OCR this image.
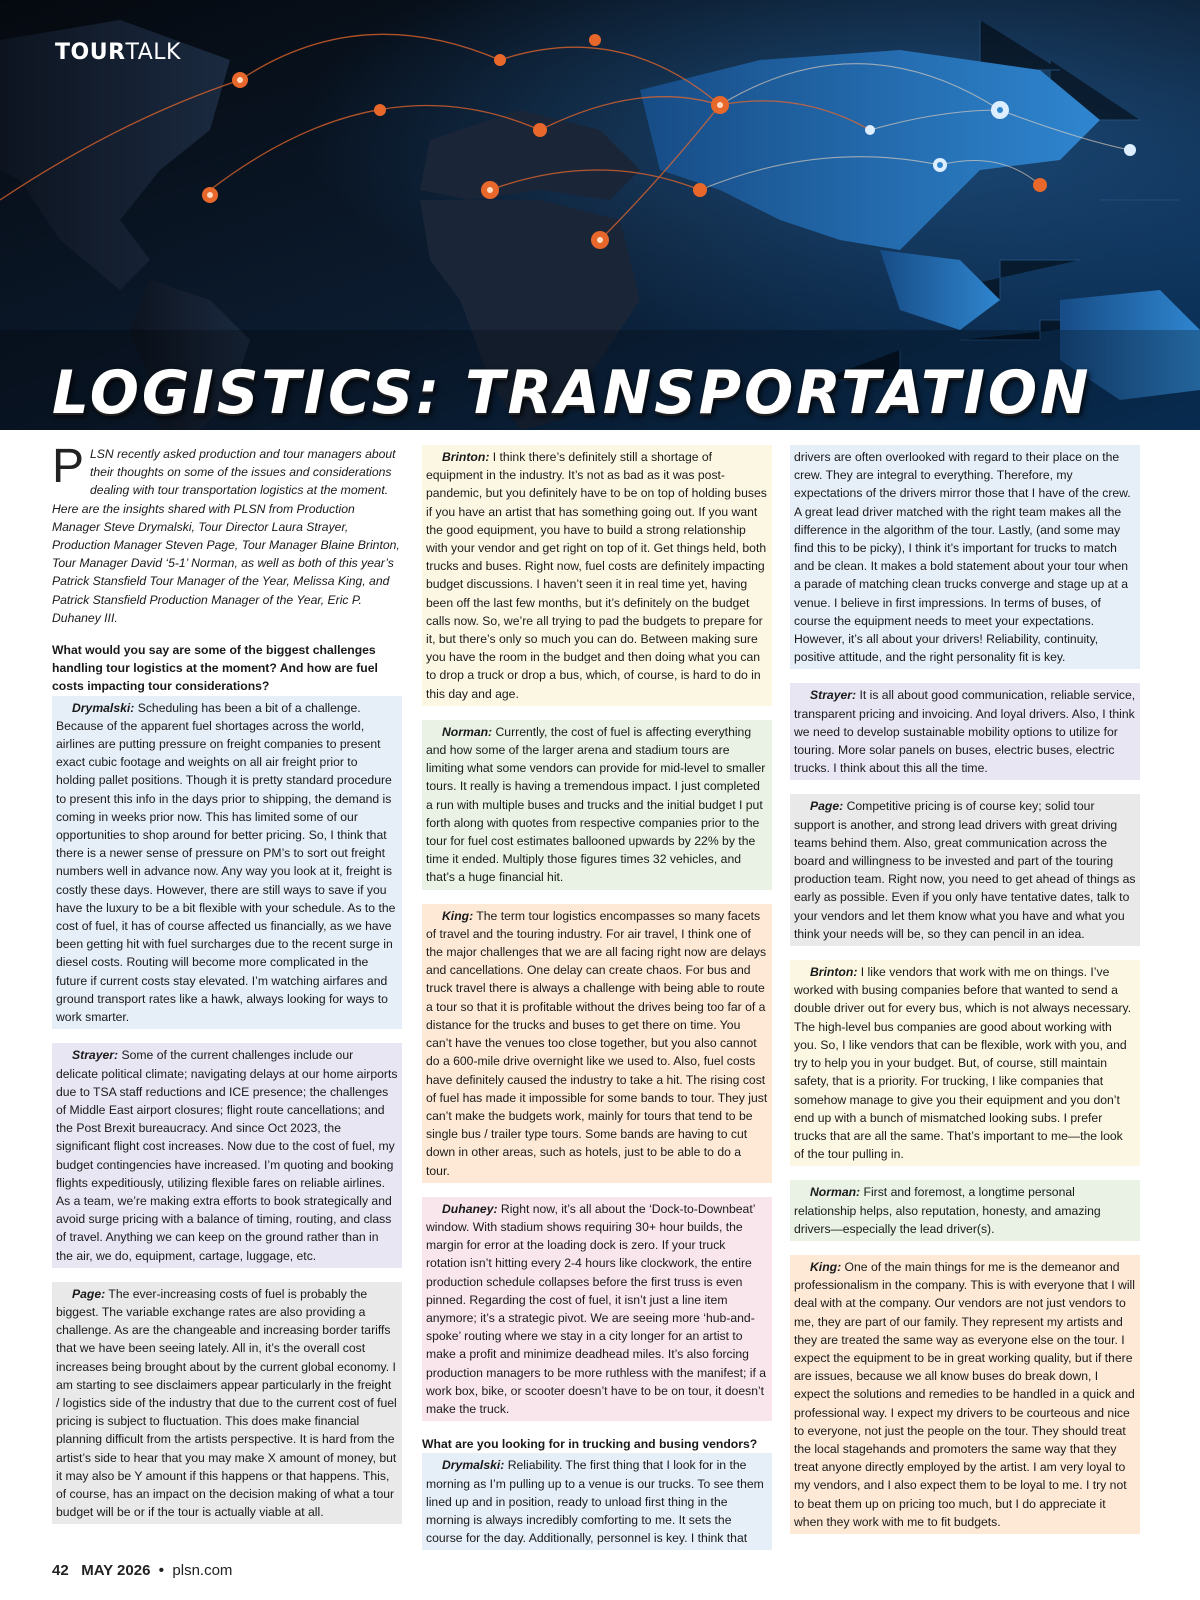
TOURTALK
LOGISTICS: TRANSPORTATION

PLSN recently asked production and tour managers about their thoughts on some of the issues and considerations dealing with tour transportation logistics at the moment. Here are the insights shared with PLSN from Production Manager Steve Drymalski, Tour Director Laura Strayer, Production Manager Steven Page, Tour Manager Blaine Brinton, Tour Manager David ‘5-1’ Norman, as well as both of this year’s Patrick Stansfield Tour Manager of the Year, Melissa King, and Patrick Stansfield Production Manager of the Year, Eric P. Duhaney III.

What would you say are some of the biggest challenges handling tour logistics at the moment? And how are fuel costs impacting tour considerations?

Drymalski: Scheduling has been a bit of a challenge. Because of the apparent fuel shortages across the world, airlines are putting pressure on freight companies to present exact cubic footage and weights on all air freight prior to holding pallet positions. Though it is pretty standard procedure to present this info in the days prior to shipping, the demand is coming in weeks prior now. This has limited some of our opportunities to shop around for better pricing. So, I think that there is a newer sense of pressure on PM’s to sort out freight numbers well in advance now. Any way you look at it, freight is costly these days. However, there are still ways to save if you have the luxury to be a bit flexible with your schedule. As to the cost of fuel, it has of course affected us financially, as we have been getting hit with fuel surcharges due to the recent surge in diesel costs. Routing will become more complicated in the future if current costs stay elevated. I’m watching airfares and ground transport rates like a hawk, always looking for ways to work smarter.

Strayer: Some of the current challenges include our delicate political climate; navigating delays at our home airports due to TSA staff reductions and ICE presence; the challenges of Middle East airport closures; flight route cancellations; and the Post Brexit bureaucracy. And since Oct 2023, the significant flight cost increases. Now due to the cost of fuel, my budget contingencies have increased. I’m quoting and booking flights expeditiously, utilizing flexible fares on reliable airlines. As a team, we’re making extra efforts to book strategically and avoid surge pricing with a balance of timing, routing, and class of travel. Anything we can keep on the ground rather than in the air, we do, equipment, cartage, luggage, etc.

Page: The ever-increasing costs of fuel is probably the biggest. The variable exchange rates are also providing a challenge. As are the changeable and increasing border tariffs that we have been seeing lately. All in, it’s the overall cost increases being brought about by the current global economy. I am starting to see disclaimers appear particularly in the freight / logistics side of the industry that due to the current cost of fuel pricing is subject to fluctuation. This does make financial planning difficult from the artists perspective. It is hard from the artist’s side to hear that you may make X amount of money, but it may also be Y amount if this happens or that happens. This, of course, has an impact on the decision making of what a tour budget will be or if the tour is actually viable at all.

Brinton: I think there’s definitely still a shortage of equipment in the industry. It’s not as bad as it was post-pandemic, but you definitely have to be on top of holding buses if you have an artist that has something going out. If you want the good equipment, you have to build a strong relationship with your vendor and get right on top of it. Get things held, both trucks and buses. Right now, fuel costs are definitely impacting budget discussions. I haven’t seen it in real time yet, having been off the last few months, but it’s definitely on the budget calls now. So, we’re all trying to pad the budgets to prepare for it, but there’s only so much you can do. Between making sure you have the room in the budget and then doing what you can to drop a truck or drop a bus, which, of course, is hard to do in this day and age.

Norman: Currently, the cost of fuel is affecting everything and how some of the larger arena and stadium tours are limiting what some vendors can provide for mid-level to smaller tours. It really is having a tremendous impact. I just completed a run with multiple buses and trucks and the initial budget I put forth along with quotes from respective companies prior to the tour for fuel cost estimates ballooned upwards by 22% by the time it ended. Multiply those figures times 32 vehicles, and that’s a huge financial hit.

King: The term tour logistics encompasses so many facets of travel and the touring industry. For air travel, I think one of the major challenges that we are all facing right now are delays and cancellations. One delay can create chaos. For bus and truck travel there is always a challenge with being able to route a tour so that it is profitable without the drives being too far of a distance for the trucks and buses to get there on time. You can’t have the venues too close together, but you also cannot do a 600-mile drive overnight like we used to. Also, fuel costs have definitely caused the industry to take a hit. The rising cost of fuel has made it impossible for some bands to tour. They just can’t make the budgets work, mainly for tours that tend to be single bus / trailer type tours. Some bands are having to cut down in other areas, such as hotels, just to be able to do a tour.

Duhaney: Right now, it’s all about the ‘Dock-to-Downbeat’ window. With stadium shows requiring 30+ hour builds, the margin for error at the loading dock is zero. If your truck rotation isn’t hitting every 2-4 hours like clockwork, the entire production schedule collapses before the first truss is even pinned. Regarding the cost of fuel, it isn’t just a line item anymore; it’s a strategic pivot. We are seeing more ‘hub-and-spoke’ routing where we stay in a city longer for an artist to make a profit and minimize deadhead miles. It’s also forcing production managers to be more ruthless with the manifest; if a work box, bike, or scooter doesn’t have to be on tour, it doesn’t make the truck.

What are you looking for in trucking and busing vendors?

Drymalski: Reliability. The first thing that I look for in the morning as I’m pulling up to a venue is our trucks. To see them lined up and in position, ready to unload first thing in the morning is always incredibly comforting to me. It sets the course for the day. Additionally, personnel is key. I think that

drivers are often overlooked with regard to their place on the crew. They are integral to everything. Therefore, my expectations of the drivers mirror those that I have of the crew. A great lead driver matched with the right team makes all the difference in the algorithm of the tour. Lastly, (and some may find this to be picky), I think it’s important for trucks to match and be clean. It makes a bold statement about your tour when a parade of matching clean trucks converge and stage up at a venue. I believe in first impressions. In terms of buses, of course the equipment needs to meet your expectations. However, it’s all about your drivers! Reliability, continuity, positive attitude, and the right personality fit is key.

Strayer: It is all about good communication, reliable service, transparent pricing and invoicing. And loyal drivers. Also, I think we need to develop sustainable mobility options to utilize for touring. More solar panels on buses, electric buses, electric trucks. I think about this all the time.

Page: Competitive pricing is of course key; solid tour support is another, and strong lead drivers with great driving teams behind them. Also, great communication across the board and willingness to be invested and part of the touring production team. Right now, you need to get ahead of things as early as possible. Even if you only have tentative dates, talk to your vendors and let them know what you have and what you think your needs will be, so they can pencil in an idea.

Brinton: I like vendors that work with me on things. I’ve worked with busing companies before that wanted to send a double driver out for every bus, which is not always necessary. The high-level bus companies are good about working with you. So, I like vendors that can be flexible, work with you, and try to help you in your budget. But, of course, still maintain safety, that is a priority. For trucking, I like companies that somehow manage to give you their equipment and you don’t end up with a bunch of mismatched looking subs. I prefer trucks that are all the same. That’s important to me—the look of the tour pulling in.

Norman: First and foremost, a longtime personal relationship helps, also reputation, honesty, and amazing drivers—especially the lead driver(s).

King: One of the main things for me is the demeanor and professionalism in the company. This is with everyone that I will deal with at the company. Our vendors are not just vendors to me, they are part of our family. They represent my artists and they are treated the same way as everyone else on the tour. I expect the equipment to be in great working quality, but if there are issues, because we all know buses do break down, I expect the solutions and remedies to be handled in a quick and professional way. I expect my drivers to be courteous and nice to everyone, not just the people on the tour. They should treat the local stagehands and promoters the same way that they treat anyone directly employed by the artist. I am very loyal to my vendors, and I also expect them to be loyal to me. I try not to beat them up on pricing too much, but I do appreciate it when they work with me to fit budgets.

42 MAY 2026 • plsn.com
